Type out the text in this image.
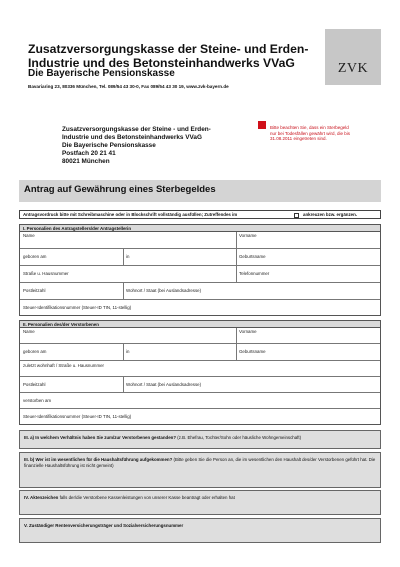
Zusatzversorgungskasse der Steine- und Erden-
Industrie und des Betonsteinhandwerks VVaG
Die Bayerische Pensionskasse
Bavariaring 23, 80336 München, Tel. 089/54 43 30-0, Fax 089/54 43 30 19, www.zvk-bayern.de
ZVK
Zusatzversorgungskasse der Steine - und Erden-
Industrie und des Betonsteinhandwerks VVaG
Die Bayerische Pensionskasse
Postfach 20 21 41
80021 München
Bitte beachten Sie, dass ein Sterbegeld
nur bei Todesfällen gewährt wird, die bis
31.08.2011 eingetreten sind.
Antrag auf Gewährung eines Sterbegeldes
Antragsvordruck bitte mit Schreibmaschine oder in Blockschrift vollständig ausfüllen; Zutreffendes im	ankreuzen bzw. ergänzen.
I. Personalien des Antragstellers/der Antragstellerin
Name	Vorname
geboren am	in	Geburtsname
Straße u. Hausnummer	Telefonnummer
Postleitzahl	Wohnort / Staat (bei Auslandsadresse)
Steuer-Identifikationsnummer (Steuer-ID TIN, 11-stellig)
II. Personalien des/der Verstorbenen
Name	Vorname
geboren am	in	Geburtsname
zuletzt wohnhaft / Straße u. Hausnummer
Postleitzahl	Wohnort / Staat (bei Auslandsadresse)
verstorben am
Steuer-Identifikationsnummer (Steuer-ID TIN, 11-stellig)
III. a) In welchem Verhältnis haben Sie zum/zur Verstorbenen gestanden? (z.B. Ehefrau, Tochter/Sohn oder häusliche Wohngemeinschaft)
III. b) Wer ist im wesentlichen für die Haushaltsführung aufgekommen? (Bitte geben Sie die Person an, die im wesentlichen den Haushalt des/der Verstorbenen geführt hat. Die finanzielle Haushaltsführung ist nicht gemeint)
IV. Aktenzeichen falls der/die Verstorbene Kassenleistungen von unserer Kasse beantragt oder erhalten hat
V. Zuständiger Rentenversicherungsträger und Sozialversicherungsnummer
